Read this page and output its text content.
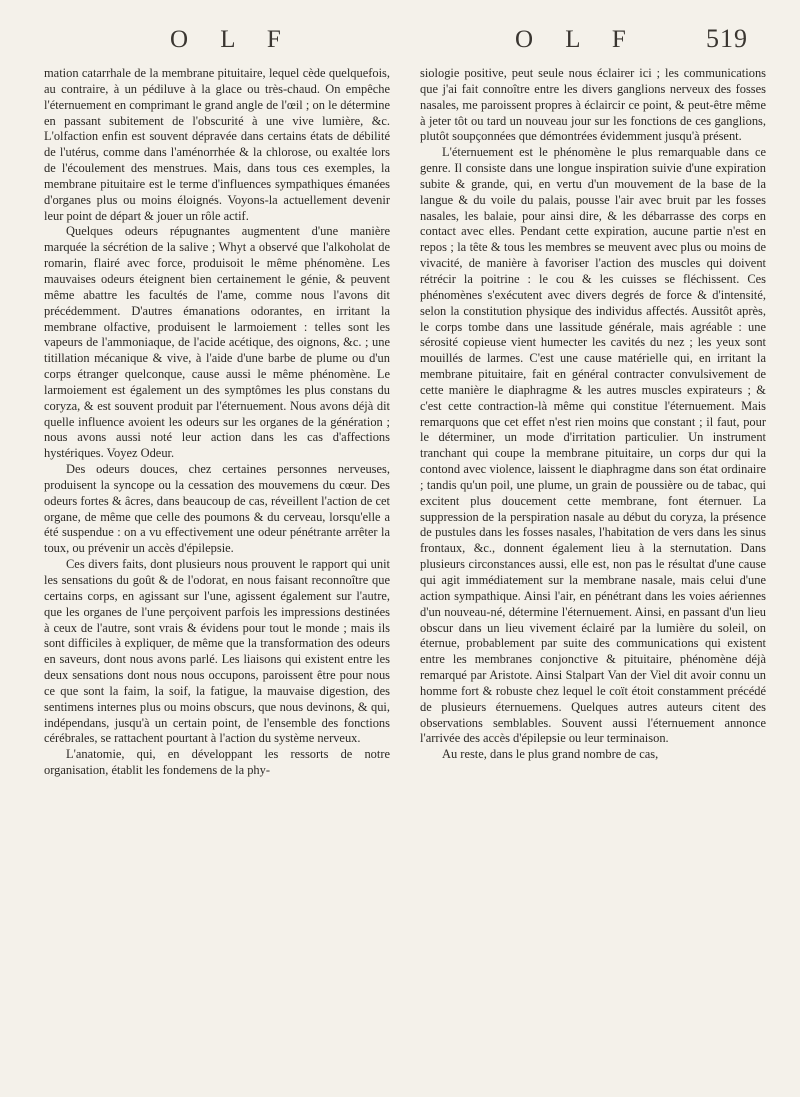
O L F	O L F	519

mation catarrhale de la membrane pituitaire, lequel cède quelquefois, au contraire, à un pédiluve à la glace ou très-chaud. On empêche l'éternuement en comprimant le grand angle de l'œil ; on le détermine en passant subitement de l'obscurité à une vive lumière, &c. L'olfaction enfin est souvent dépravée dans certains états de débilité de l'utérus, comme dans l'aménorrhée & la chlorose, ou exaltée lors de l'écoulement des menstrues. Mais, dans tous ces exemples, la membrane pituitaire est le terme d'influences sympathiques émanées d'organes plus ou moins éloignés. Voyons-la actuellement devenir leur point de départ & jouer un rôle actif.

Quelques odeurs répugnantes augmentent d'une manière marquée la sécrétion de la salive ; Whyt a observé que l'alkoholat de romarin, flairé avec force, produisoit le même phénomène. Les mauvaises odeurs éteignent bien certainement le génie, & peuvent même abattre les facultés de l'ame, comme nous l'avons dit précédemment. D'autres émanations odorantes, en irritant la membrane olfactive, produisent le larmoiement : telles sont les vapeurs de l'ammoniaque, de l'acide acétique, des oignons, &c. ; une titillation mécanique & vive, à l'aide d'une barbe de plume ou d'un corps étranger quelconque, cause aussi le même phénomène. Le larmoiement est également un des symptômes les plus constans du coryza, & est souvent produit par l'éternuement. Nous avons déjà dit quelle influence avoient les odeurs sur les organes de la génération ; nous avons aussi noté leur action dans les cas d'affections hystériques. Voyez Odeur.

Des odeurs douces, chez certaines personnes nerveuses, produisent la syncope ou la cessation des mouvemens du cœur. Des odeurs fortes & âcres, dans beaucoup de cas, réveillent l'action de cet organe, de même que celle des poumons & du cerveau, lorsqu'elle a été suspendue : on a vu effectivement une odeur pénétrante arrêter la toux, ou prévenir un accès d'épilepsie.

Ces divers faits, dont plusieurs nous prouvent le rapport qui unit les sensations du goût & de l'odorat, en nous faisant reconnoître que certains corps, en agissant sur l'une, agissent également sur l'autre, que les organes de l'une perçoivent parfois les impressions destinées à ceux de l'autre, sont vrais & évidens pour tout le monde ; mais ils sont difficiles à expliquer, de même que la transformation des odeurs en saveurs, dont nous avons parlé. Les liaisons qui existent entre les deux sensations dont nous nous occupons, paroissent être pour nous ce que sont la faim, la soif, la fatigue, la mauvaise digestion, des sentimens internes plus ou moins obscurs, que nous devinons, & qui, indépendans, jusqu'à un certain point, de l'ensemble des fonctions cérébrales, se rattachent pourtant à l'action du système nerveux.

L'anatomie, qui, en développant les ressorts de notre organisation, établit les fondemens de la phy-

siologie positive, peut seule nous éclairer ici ; les communications que j'ai fait connoître entre les divers ganglions nerveux des fosses nasales, me paroissent propres à éclaircir ce point, & peut-être même à jeter tôt ou tard un nouveau jour sur les fonctions de ces ganglions, plutôt soupçonnées que démontrées évidemment jusqu'à présent.

L'éternuement est le phénomène le plus remarquable dans ce genre. Il consiste dans une longue inspiration suivie d'une expiration subite & grande, qui, en vertu d'un mouvement de la base de la langue & du voile du palais, pousse l'air avec bruit par les fosses nasales, les balaie, pour ainsi dire, & les débarrasse des corps en contact avec elles. Pendant cette expiration, aucune partie n'est en repos ; la tête & tous les membres se meuvent avec plus ou moins de vivacité, de manière à favoriser l'action des muscles qui doivent rétrécir la poitrine : le cou & les cuisses se fléchissent. Ces phénomènes s'exécutent avec divers degrés de force & d'intensité, selon la constitution physique des individus affectés. Aussitôt après, le corps tombe dans une lassitude générale, mais agréable : une sérosité copieuse vient humecter les cavités du nez ; les yeux sont mouillés de larmes. C'est une cause matérielle qui, en irritant la membrane pituitaire, fait en général contracter convulsivement de cette manière le diaphragme & les autres muscles expirateurs ; & c'est cette contraction-là même qui constitue l'éternuement. Mais remarquons que cet effet n'est rien moins que constant ; il faut, pour le déterminer, un mode d'irritation particulier. Un instrument tranchant qui coupe la membrane pituitaire, un corps dur qui la contond avec violence, laissent le diaphragme dans son état ordinaire ; tandis qu'un poil, une plume, un grain de poussière ou de tabac, qui excitent plus doucement cette membrane, font éternuer. La suppression de la perspiration nasale au début du coryza, la présence de pustules dans les fosses nasales, l'habitation de vers dans les sinus frontaux, &c., donnent également lieu à la sternutation. Dans plusieurs circonstances aussi, elle est, non pas le résultat d'une cause qui agit immédiatement sur la membrane nasale, mais celui d'une action sympathique. Ainsi l'air, en pénétrant dans les voies aériennes d'un nouveau-né, détermine l'éternuement. Ainsi, en passant d'un lieu obscur dans un lieu vivement éclairé par la lumière du soleil, on éternue, probablement par suite des communications qui existent entre les membranes conjonctive & pituitaire, phénomène déjà remarqué par Aristote. Ainsi Stalpart Van der Viel dit avoir connu un homme fort & robuste chez lequel le coït étoit constamment précédé de plusieurs éternuemens. Quelques autres auteurs citent des observations semblables. Souvent aussi l'éternuement annonce l'arrivée des accès d'épilepsie ou leur terminaison.

Au reste, dans le plus grand nombre de cas,
